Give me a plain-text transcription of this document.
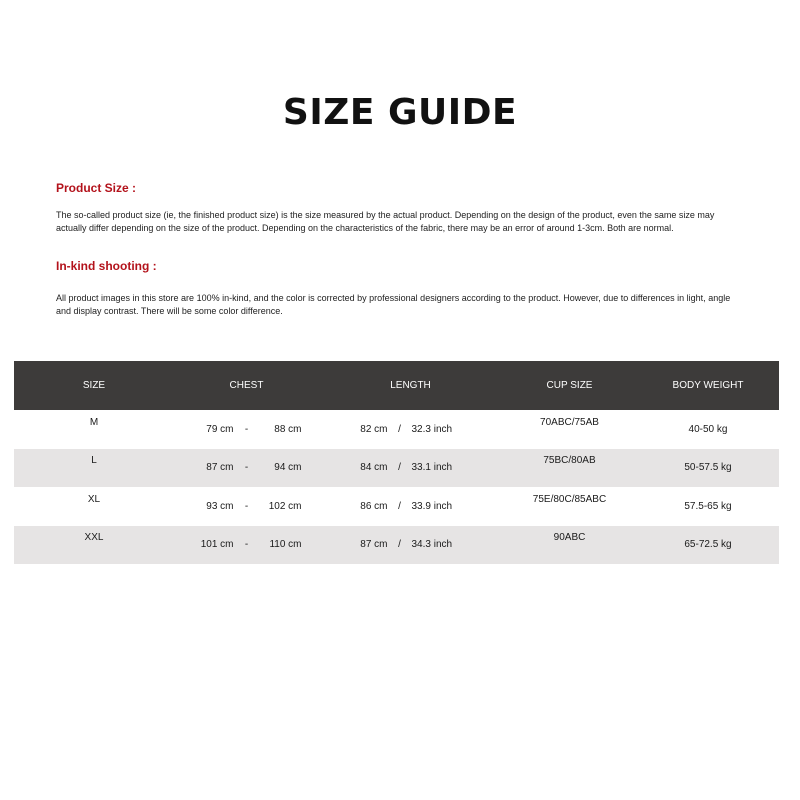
SIZE GUIDE
Product Size :
The so-called product size (ie, the finished product size) is the size measured by the actual product. Depending on the design of the product, even the same size may actually differ depending on the size of the product. Depending on the characteristics of the fabric, there may be an error of around 1-3cm. Both are normal.
In-kind shooting :
All product images in this store are 100% in-kind, and the color is corrected by professional designers according to the product. However, due to differences in light, angle and display contrast. There will be some color difference.
SIZE	CHEST	LENGTH	CUP SIZE	BODY WEIGHT
M	79 cm - 88 cm	82 cm / 32.3 inch	70ABC/75AB	40-50 kg
L	87 cm - 94 cm	84 cm / 33.1 inch	75BC/80AB	50-57.5 kg
XL	93 cm - 102 cm	86 cm / 33.9 inch	75E/80C/85ABC	57.5-65 kg
XXL	101 cm - 110 cm	87 cm / 34.3 inch	90ABC	65-72.5 kg
